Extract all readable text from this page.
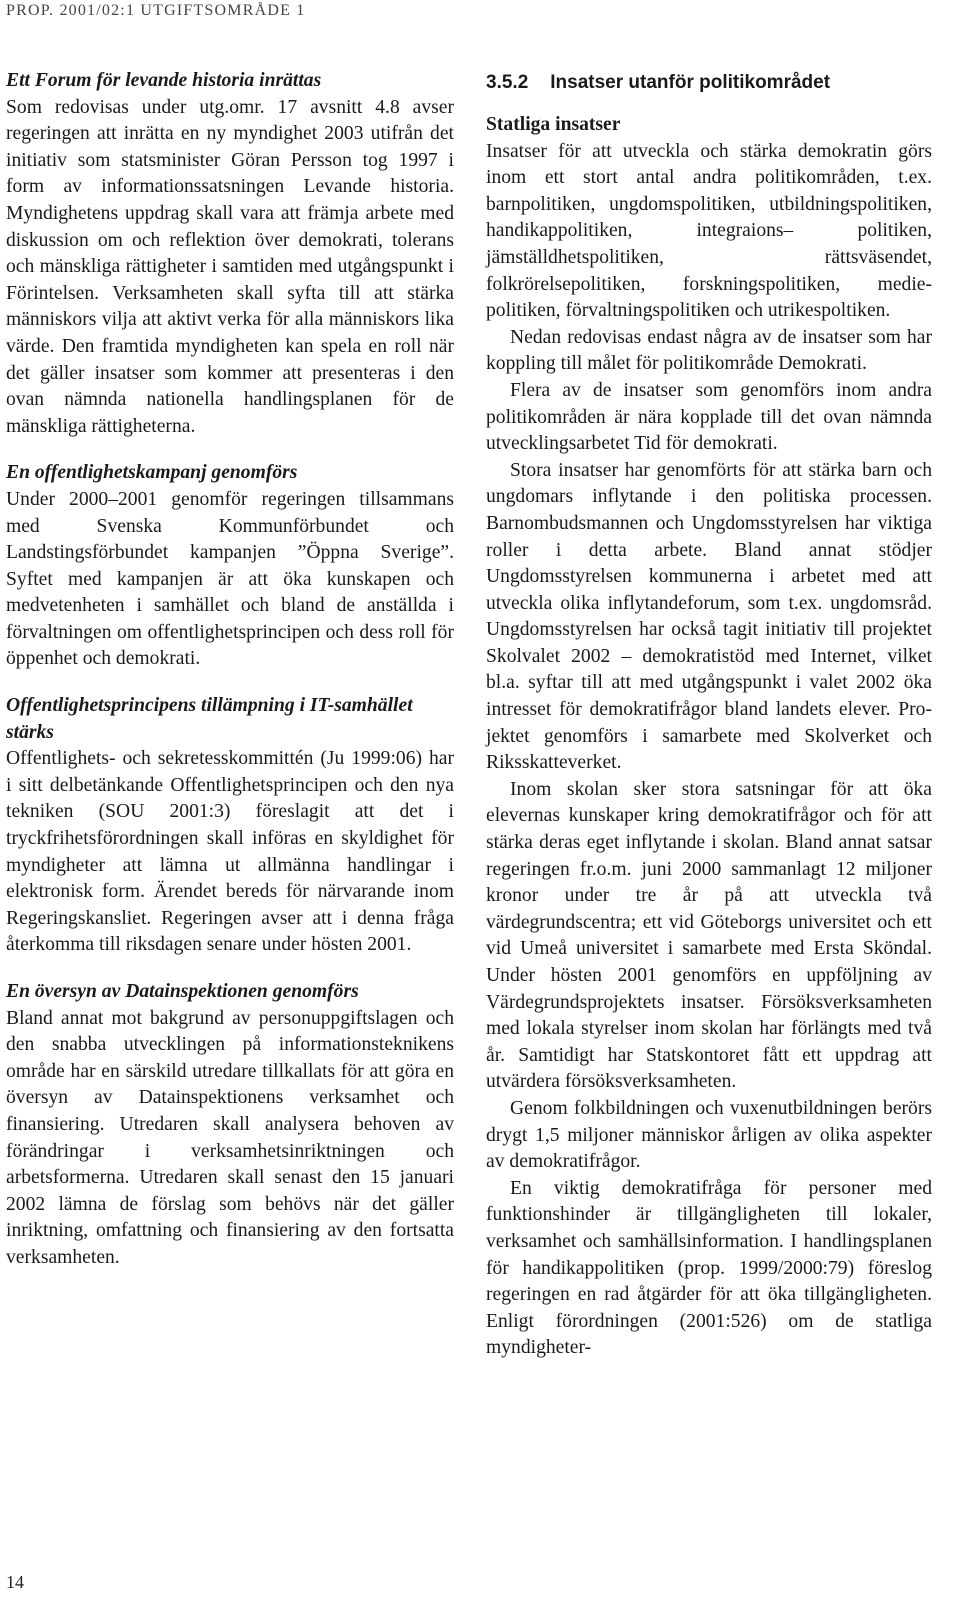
PROP. 2001/02:1 UTGIFTSOMRÅDE 1
Ett Forum för levande historia inrättas

Som redovisas under utg.omr. 17 avsnitt 4.8 avser regeringen att inrätta en ny myndighet 2003 utifrån det initiativ som statsminister Göran Persson tog 1997 i form av informationssatsningen Levande historia. Myndighetens uppdrag skall vara att främja arbete med diskussion om och reflektion över demokrati, tolerans och mänskliga rättigheter i samtiden med utgångspunkt i Förintelsen. Verksamheten skall syfta till att stärka människors vilja att aktivt verka för alla människors lika värde. Den framtida myndigheten kan spela en roll när det gäller insatser som kommer att presenteras i den ovan nämnda nationella handlingsplanen för de mänskliga rättigheterna.

En offentlighetskampanj genomförs

Under 2000–2001 genomför regeringen tillsammans med Svenska Kommunförbundet och Landstingsförbundet kampanjen ”Öppna Sverige”. Syftet med kampanjen är att öka kunskapen och medvetenheten i samhället och bland de anställda i förvaltningen om offentlighetsprincipen och dess roll för öppenhet och demokrati.

Offentlighetsprincipens tillämpning i IT-samhället stärks

Offentlighets- och sekretesskommittén (Ju 1999:06) har i sitt delbetänkande Offentlighetsprincipen och den nya tekniken (SOU 2001:3) föreslagit att det i tryckfrihetsförordningen skall införas en skyldighet för myndigheter att lämna ut allmänna handlingar i elektronisk form. Ärendet bereds för närvarande inom Regeringskansliet. Regeringen avser att i denna fråga återkomma till riksdagen senare under hösten 2001.

En översyn av Datainspektionen genomförs

Bland annat mot bakgrund av personuppgiftslagen och den snabba utvecklingen på informationsteknikens område har en särskild utredare tillkallats för att göra en översyn av Datainspektionens verksamhet och finansiering. Utredaren skall analysera behoven av förändringar i verksamhetsinriktningen och arbetsformerna. Utredaren skall senast den 15 januari 2002 lämna de förslag som behövs när det gäller inriktning, omfattning och finansiering av den fortsatta verksamheten.

3.5.2 Insatser utanför politikområdet
Statliga insatser

Insatser för att utveckla och stärka demokratin görs inom ett stort antal andra politikområden, t.ex. barnpolitiken, ungdomspolitiken, utbildningspolitiken, handikappolitiken, integraions– politiken, jämställdhetspolitiken, rättsväsendet, folkrörelsepolitiken, forskningspolitiken, mediepolitiken, förvaltningspolitiken och utrikespoltiken.

Nedan redovisas endast några av de insatser som har koppling till målet för politikområde Demokrati.

Flera av de insatser som genomförs inom andra politikområden är nära kopplade till det ovan nämnda utvecklingsarbetet Tid för demokrati.

Stora insatser har genomförts för att stärka barn och ungdomars inflytande i den politiska processen. Barnombudsmannen och Ungdomsstyrelsen har viktiga roller i detta arbete. Bland annat stödjer Ungdomsstyrelsen kommunerna i arbetet med att utveckla olika inflytandeforum, som t.ex. ungdomsråd. Ungdomsstyrelsen har också tagit initiativ till projektet Skolvalet 2002 – demokratistöd med Internet, vilket bl.a. syftar till att med utgångspunkt i valet 2002 öka intresset för demokratifrågor bland landets elever. Projektet genomförs i samarbete med Skolverket och Riksskatteverket.

Inom skolan sker stora satsningar för att öka elevernas kunskaper kring demokratifrågor och för att stärka deras eget inflytande i skolan. Bland annat satsar regeringen fr.o.m. juni 2000 sammanlagt 12 miljoner kronor under tre år på att utveckla två värdegrundscentra; ett vid Göteborgs universitet och ett vid Umeå universitet i samarbete med Ersta Sköndal. Under hösten 2001 genomförs en uppföljning av Värdegrundsprojektets insatser. Försöksverksamheten med lokala styrelser inom skolan har förlängts med två år. Samtidigt har Statskontoret fått ett uppdrag att utvärdera försöksverksamheten.

Genom folkbildningen och vuxenutbildningen berörs drygt 1,5 miljoner människor årligen av olika aspekter av demokratifrågor.

En viktig demokratifråga för personer med funktionshinder är tillgängligheten till lokaler, verksamhet och samhällsinformation. I handlingsplanen för handikappolitiken (prop. 1999/2000:79) föreslog regeringen en rad åtgärder för att öka tillgängligheten. Enligt förordningen (2001:526) om de statliga myndigheter-

14
